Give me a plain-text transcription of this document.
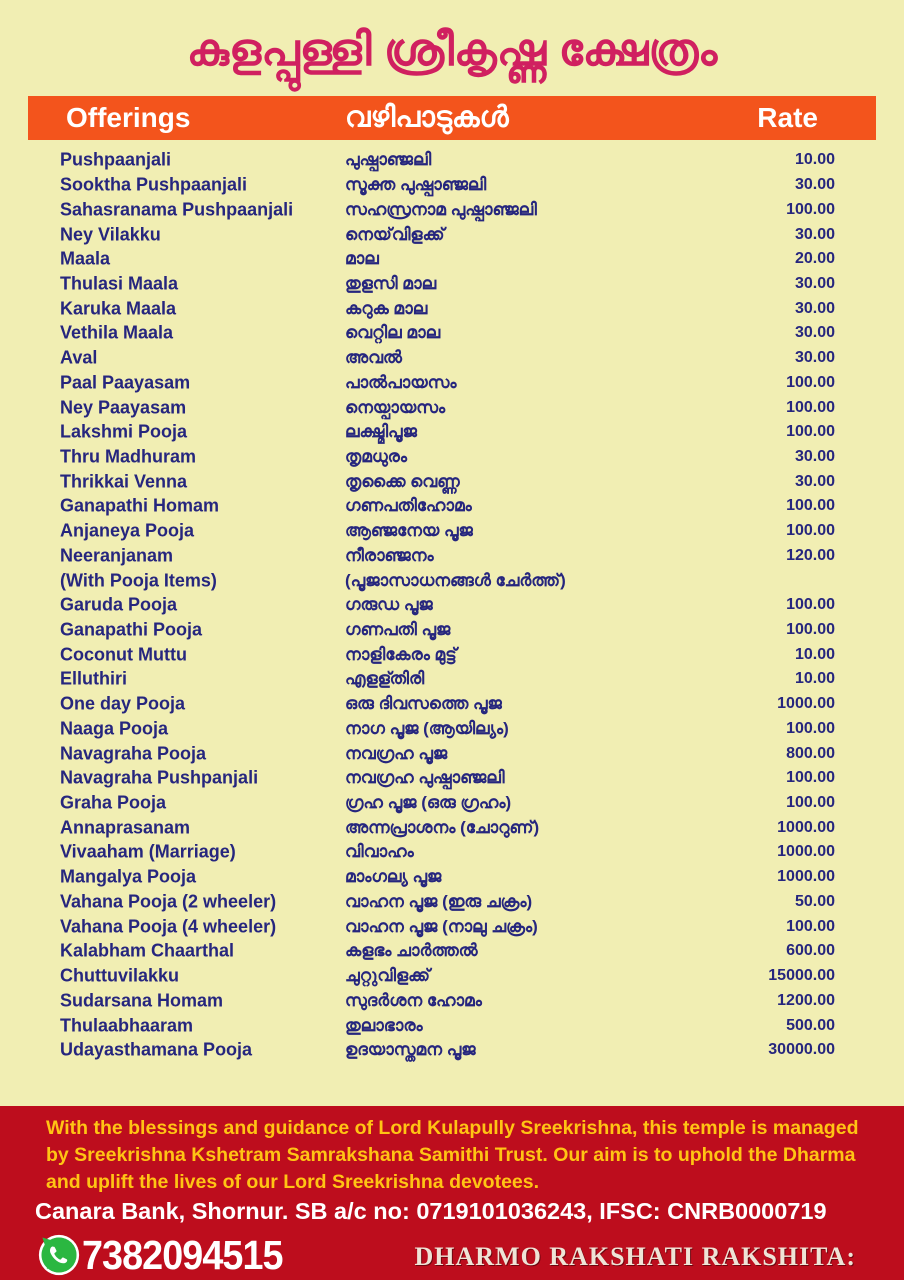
കുളപ്പുള്ളി ശ്രീകൃഷ്ണ ക്ഷേത്രം
Offerings	വഴിപാടുകൾ	Rate
Pushpaanjali	പുഷ്പാഞ്ജലി	10.00
Sooktha Pushpaanjali	സൂക്ത പുഷ്പാഞ്ജലി	30.00
Sahasranama Pushpaanjali	സഹസ്രനാമ പുഷ്പാഞ്ജലി	100.00
Ney Vilakku	നെയ്‌വിളക്ക്	30.00
Maala	മാല	20.00
Thulasi Maala	തുളസി മാല	30.00
Karuka Maala	കറുക മാല	30.00
Vethila Maala	വെറ്റില മാല	30.00
Aval	അവൽ	30.00
Paal Paayasam	പാൽപായസം	100.00
Ney Paayasam	നെയ്പായസം	100.00
Lakshmi Pooja	ലക്ഷ്മിപൂജ	100.00
Thru Madhuram	തൃമധുരം	30.00
Thrikkai Venna	തൃക്കൈ വെണ്ണ	30.00
Ganapathi Homam	ഗണപതിഹോമം	100.00
Anjaneya Pooja	ആഞ്ജനേയ പൂജ	100.00
Neeranjanam	നീരാഞ്ജനം	120.00
(With Pooja Items)	(പൂജാസാധനങ്ങൾ ചേർത്ത്)
Garuda Pooja	ഗരുഡ പൂജ	100.00
Ganapathi Pooja	ഗണപതി പൂജ	100.00
Coconut Muttu	നാളികേരം മുട്ട്	10.00
Elluthiri	എളള്തിരി	10.00
One day Pooja	ഒരു ദിവസത്തെ പൂജ	1000.00
Naaga Pooja	നാഗ പൂജ (ആയില്യം)	100.00
Navagraha Pooja	നവഗ്രഹ പൂജ	800.00
Navagraha Pushpanjali	നവഗ്രഹ പുഷ്പാഞ്ജലി	100.00
Graha Pooja	ഗ്രഹ പൂജ (ഒരു ഗ്രഹം)	100.00
Annaprasanam	അന്നപ്രാശനം (ചോറുണ്)	1000.00
Vivaaham (Marriage)	വിവാഹം	1000.00
Mangalya Pooja	മാംഗല്യ പൂജ	1000.00
Vahana Pooja (2 wheeler)	വാഹന പൂജ (ഇരു ചക്രം)	50.00
Vahana Pooja (4 wheeler)	വാഹന പൂജ (നാലു ചക്രം)	100.00
Kalabham Chaarthal	കളഭം ചാർത്തൽ	600.00
Chuttuvilakku	ചുറ്റുവിളക്ക്	15000.00
Sudarsana Homam	സുദർശന ഹോമം	1200.00
Thulaabhaaram	തുലാഭാരം	500.00
Udayasthamana Pooja	ഉദയാസ്തമന പൂജ	30000.00
With the blessings and guidance of Lord Kulapully Sreekrishna, this temple is managed by Sreekrishna Kshetram Samrakshana Samithi Trust. Our aim is to uphold the Dharma and uplift the lives of our Lord Sreekrishna devotees.
Canara Bank, Shornur. SB a/c no: 0719101036243, IFSC: CNRB0000719
7382094515	DHARMO RAKSHATI RAKSHITA:
